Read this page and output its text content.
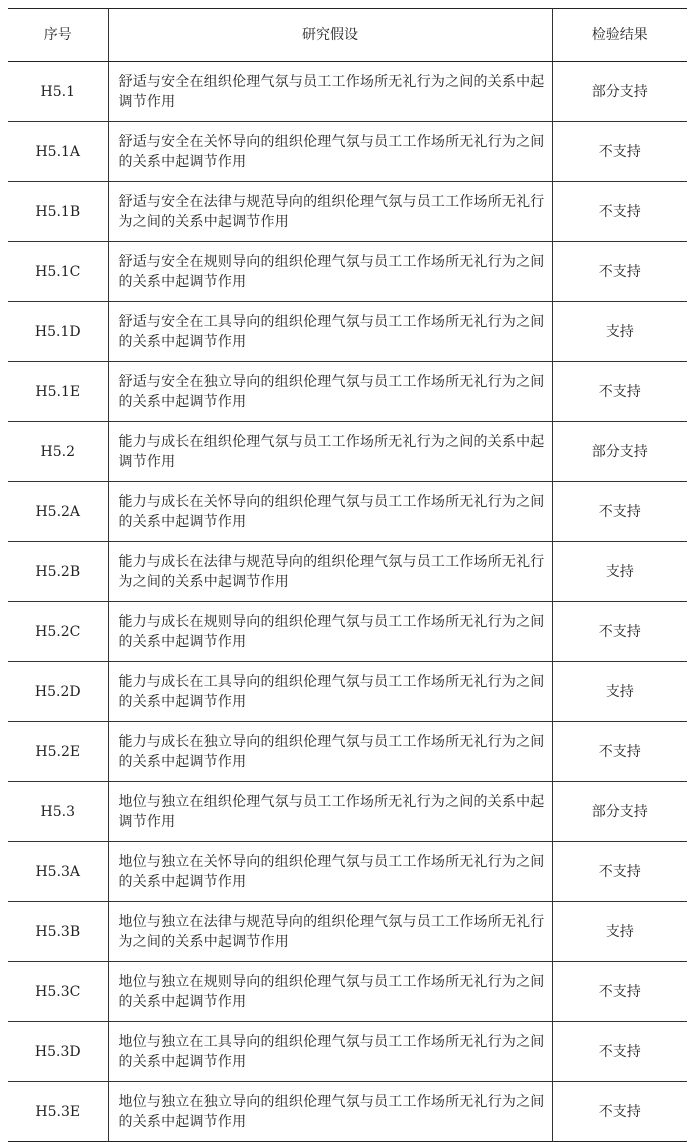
序号	研究假设	检验结果
H5.1	舒适与安全在组织伦理气氛与员工工作场所无礼行为之间的关系中起调节作用	部分支持
H5.1A	舒适与安全在关怀导向的组织伦理气氛与员工工作场所无礼行为之间的关系中起调节作用	不支持
H5.1B	舒适与安全在法律与规范导向的组织伦理气氛与员工工作场所无礼行为之间的关系中起调节作用	不支持
H5.1C	舒适与安全在规则导向的组织伦理气氛与员工工作场所无礼行为之间的关系中起调节作用	不支持
H5.1D	舒适与安全在工具导向的组织伦理气氛与员工工作场所无礼行为之间的关系中起调节作用	支持
H5.1E	舒适与安全在独立导向的组织伦理气氛与员工工作场所无礼行为之间的关系中起调节作用	不支持
H5.2	能力与成长在组织伦理气氛与员工工作场所无礼行为之间的关系中起调节作用	部分支持
H5.2A	能力与成长在关怀导向的组织伦理气氛与员工工作场所无礼行为之间的关系中起调节作用	不支持
H5.2B	能力与成长在法律与规范导向的组织伦理气氛与员工工作场所无礼行为之间的关系中起调节作用	支持
H5.2C	能力与成长在规则导向的组织伦理气氛与员工工作场所无礼行为之间的关系中起调节作用	不支持
H5.2D	能力与成长在工具导向的组织伦理气氛与员工工作场所无礼行为之间的关系中起调节作用	支持
H5.2E	能力与成长在独立导向的组织伦理气氛与员工工作场所无礼行为之间的关系中起调节作用	不支持
H5.3	地位与独立在组织伦理气氛与员工工作场所无礼行为之间的关系中起调节作用	部分支持
H5.3A	地位与独立在关怀导向的组织伦理气氛与员工工作场所无礼行为之间的关系中起调节作用	不支持
H5.3B	地位与独立在法律与规范导向的组织伦理气氛与员工工作场所无礼行为之间的关系中起调节作用	支持
H5.3C	地位与独立在规则导向的组织伦理气氛与员工工作场所无礼行为之间的关系中起调节作用	不支持
H5.3D	地位与独立在工具导向的组织伦理气氛与员工工作场所无礼行为之间的关系中起调节作用	不支持
H5.3E	地位与独立在独立导向的组织伦理气氛与员工工作场所无礼行为之间的关系中起调节作用	不支持
